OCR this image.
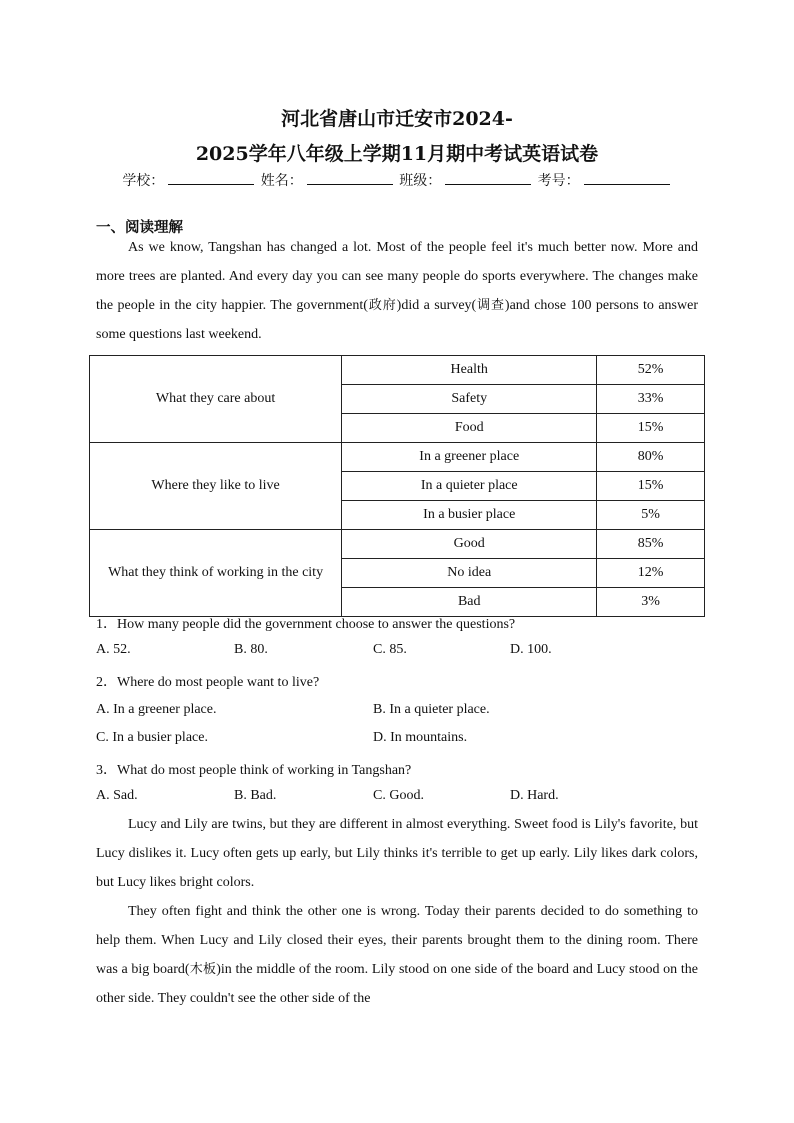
河北省唐山市迁安市2024-
2025学年八年级上学期11月期中考试英语试卷
学校：	姓名：	班级：	考号：
一、阅读理解

As we know, Tangshan has changed a lot. Most of the people feel it's much better now. More and more trees are planted. And every day you can see many people do sports everywhere. The changes make the people in the city happier. The government(政府)did a survey(调查)and chose 100 persons to answer some questions last weekend.

What they care about	Health	52%
	Safety	33%
	Food	15%
Where they like to live	In a greener place	80%
	In a quieter place	15%
	In a busier place	5%
What they think of working in the city	Good	85%
	No idea	12%
	Bad	3%
1．How many people did the government choose to answer the questions?
A. 52.	B. 80.	C. 85.	D. 100.
2．Where do most people want to live?
A. In a greener place.	B. In a quieter place.
C. In a busier place.	D. In mountains.
3．What do most people think of working in Tangshan?
A. Sad.	B. Bad.	C. Good.	D. Hard.

Lucy and Lily are twins, but they are different in almost everything. Sweet food is Lily's favorite, but Lucy dislikes it. Lucy often gets up early, but Lily thinks it's terrible to get up early. Lily likes dark colors, but Lucy likes bright colors.

They often fight and think the other one is wrong. Today their parents decided to do something to help them. When Lucy and Lily closed their eyes, their parents brought them to the dining room. There was a big board(木板)in the middle of the room. Lily stood on one side of the board and Lucy stood on the other side. They couldn't see the other side of the
